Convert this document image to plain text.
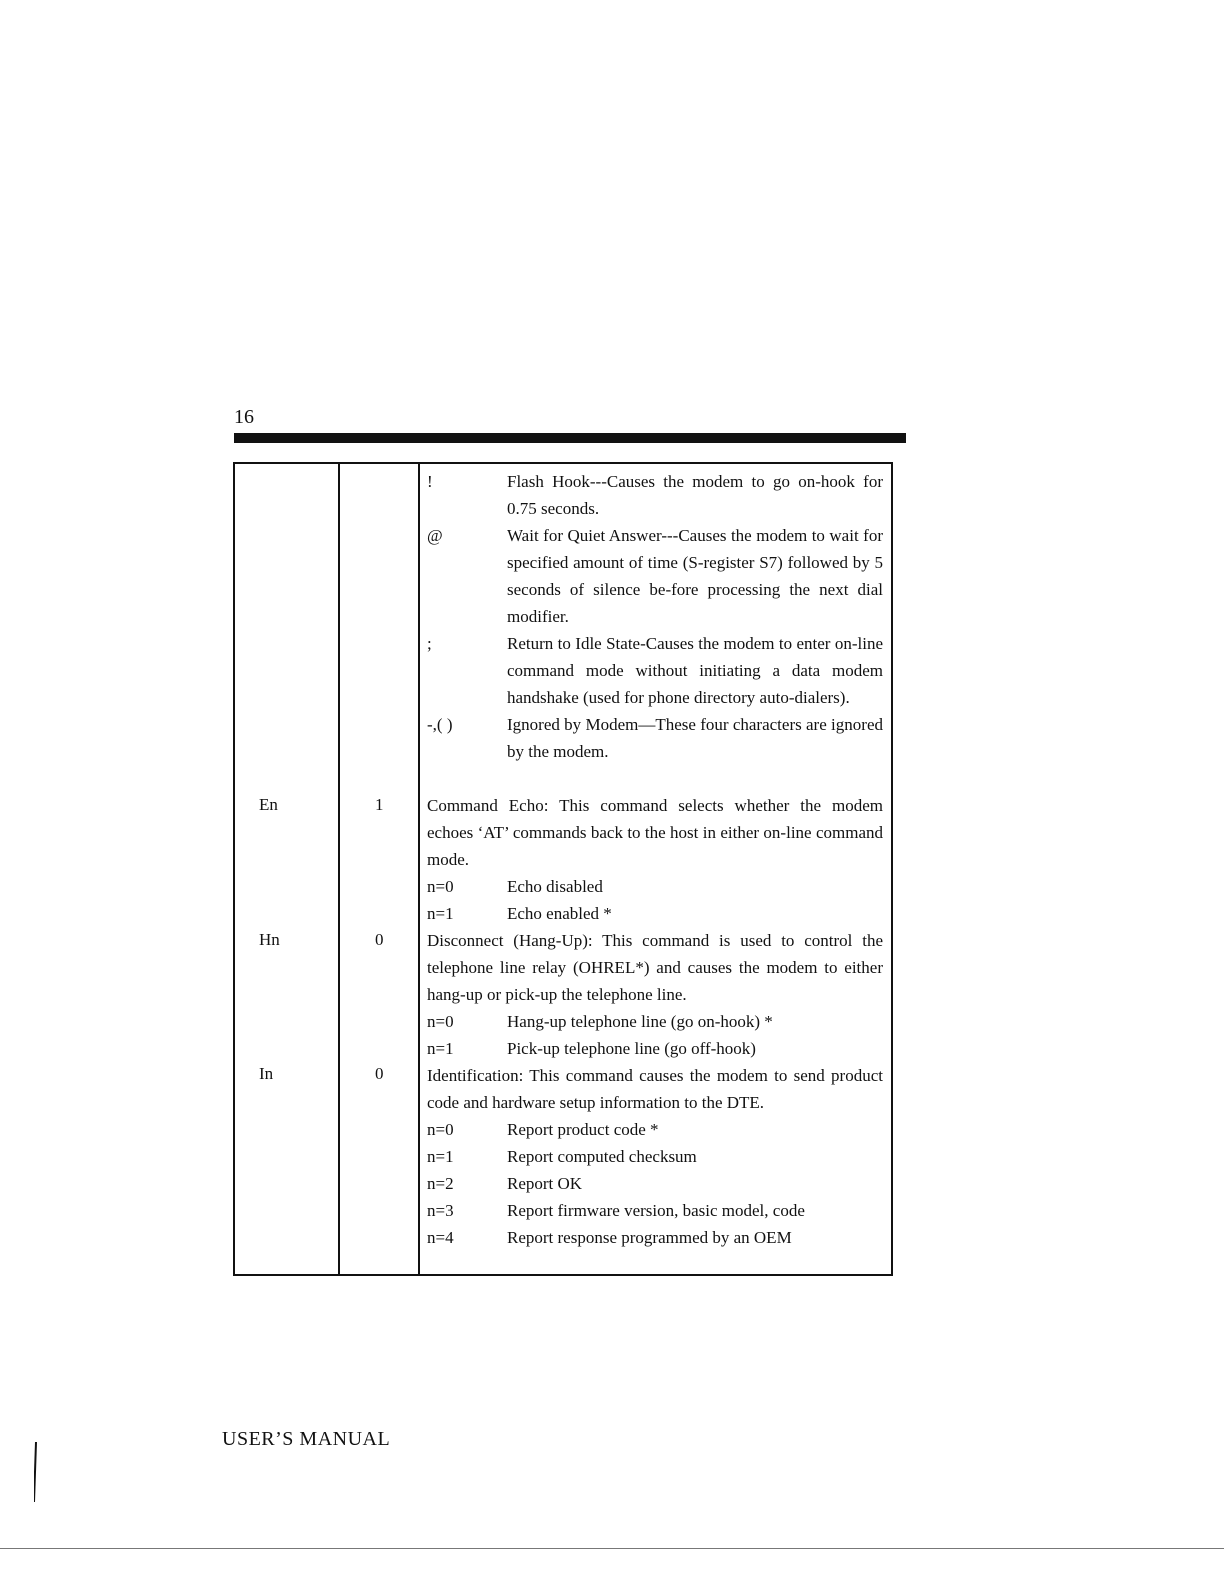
16
!	Flash Hook---Causes the modem to go on-hook for 0.75 seconds.
@	Wait for Quiet Answer---Causes the modem to wait for specified amount of time (S-register S7) followed by 5 seconds of silence be-fore processing the next dial modifier.
;	Return to Idle State-Causes the modem to enter on-line command mode without initiating a data modem handshake (used for phone directory auto-dialers).
-,( )	Ignored by Modem—These four characters are ignored by the modem.
En	1	Command Echo: This command selects whether the modem echoes ‘AT’ commands back to the host in either on-line command mode.

n=0	Echo disabled
n=1	Echo enabled *
Hn	0	Disconnect (Hang-Up): This command is used to control the telephone line relay (OHREL*) and causes the modem to either hang-up or pick-up the telephone line.

n=0	Hang-up telephone line (go on-hook) *
n=1	Pick-up telephone line (go off-hook)
In	0	Identification: This command causes the modem to send product code and hardware setup information to the DTE.

n=0	Report product code *
n=1	Report computed checksum
n=2	Report OK
n=3	Report firmware version, basic model, code
n=4	Report response programmed by an OEM
USER’S MANUAL
